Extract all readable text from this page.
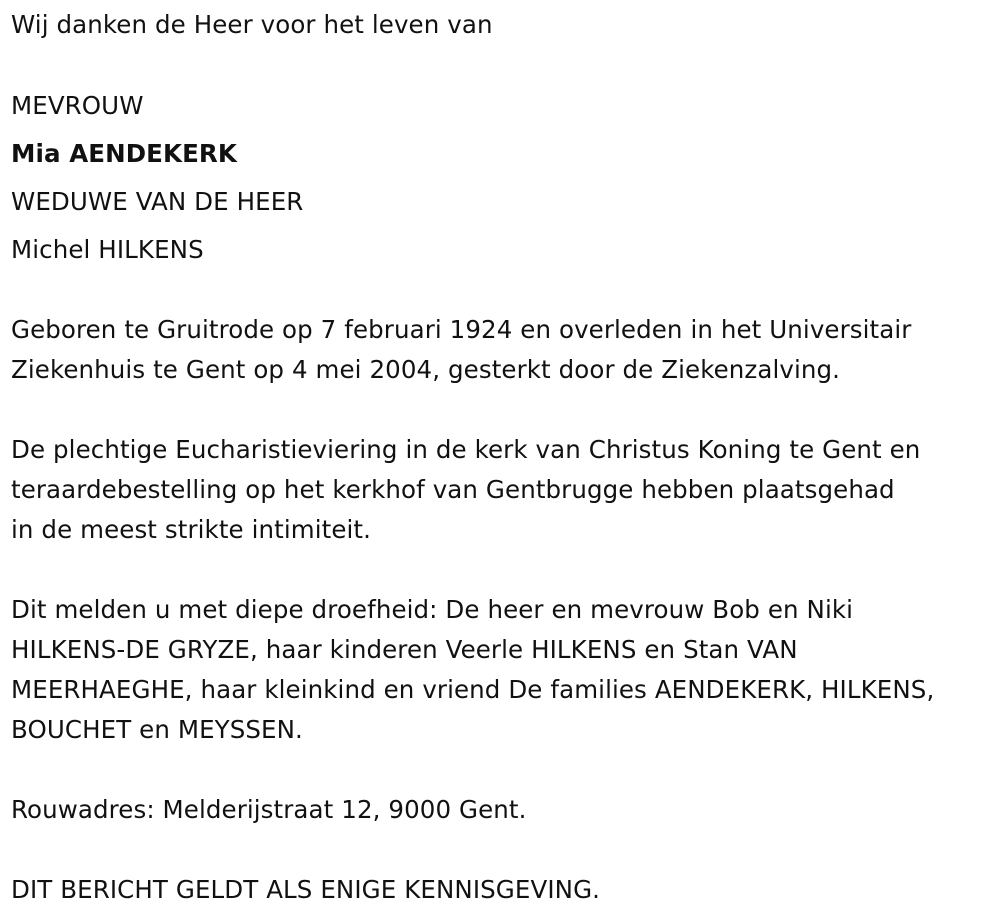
Wij danken de Heer voor het leven van
MEVROUW
Mia AENDEKERK
WEDUWE VAN DE HEER
Michel HILKENS
Geboren te Gruitrode op 7 februari 1924 en overleden in het Universitair
Ziekenhuis te Gent op 4 mei 2004, gesterkt door de Ziekenzalving.
De plechtige Eucharistieviering in de kerk van Christus Koning te Gent en
teraardebestelling op het kerkhof van Gentbrugge hebben plaatsgehad
in de meest strikte intimiteit.
Dit melden u met diepe droefheid: De heer en mevrouw Bob en Niki
HILKENS-DE GRYZE, haar kinderen Veerle HILKENS en Stan VAN
MEERHAEGHE, haar kleinkind en vriend De families AENDEKERK, HILKENS,
BOUCHET en MEYSSEN.
Rouwadres: Melderijstraat 12, 9000 Gent.
DIT BERICHT GELDT ALS ENIGE KENNISGEVING.
